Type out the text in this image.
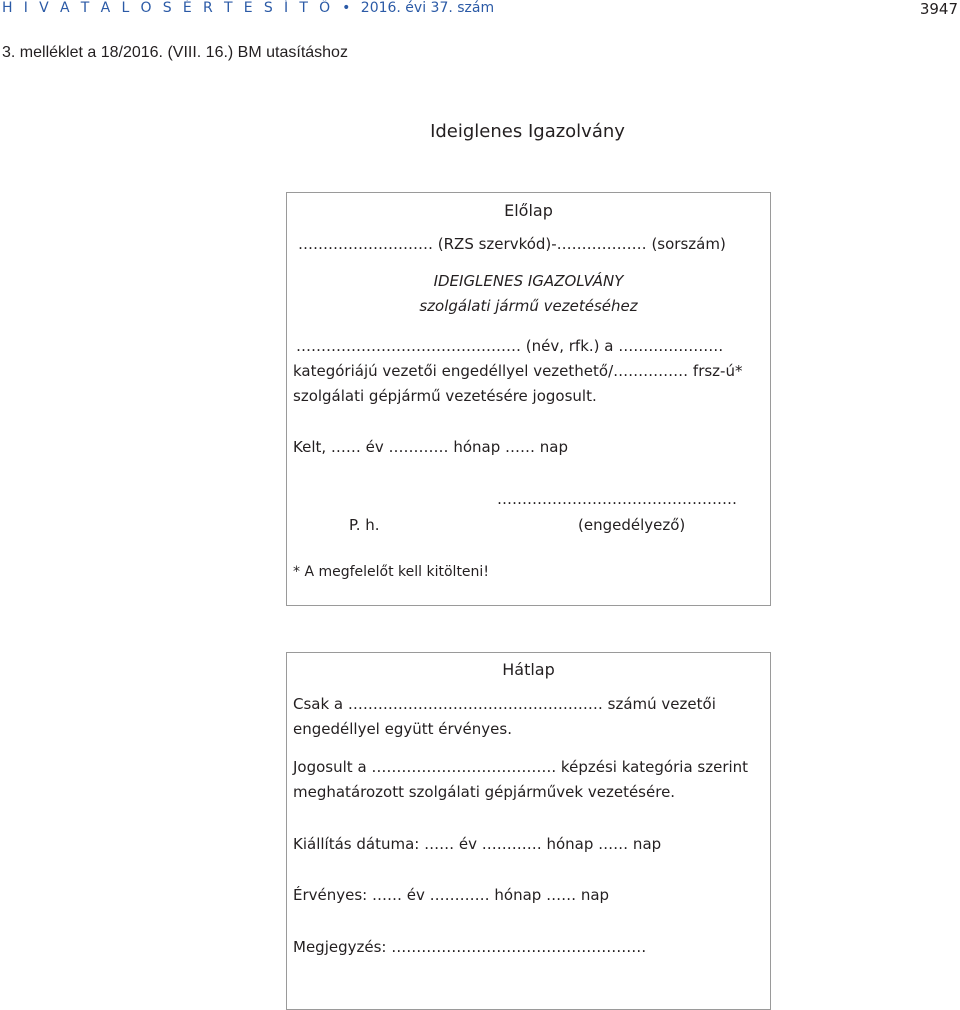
H I V A T A L O S É R T E S Í T Ő • 2016. évi 37. szám	3947
3. melléklet a 18/2016. (VIII. 16.) BM utasításhoz
Ideiglenes Igazolvány
Előlap
……………………… (RZS szervkód)-……………… (sorszám)
IDEIGLENES IGAZOLVÁNY
szolgálati jármű vezetéséhez
……………………………………… (név, rfk.) a …………………
kategóriájú vezetői engedéllyel vezethető/…………… frsz-ú*
szolgálati gépjármű vezetésére jogosult.
Kelt, …… év ………… hónap …… nap
…………………………………………
P. h.	(engedélyező)
* A megfelelőt kell kitölteni!
Hátlap
Csak a …………………………………………… számú vezetői
engedéllyel együtt érvényes.
Jogosult a ………………………………. képzési kategória szerint
meghatározott szolgálati gépjárművek vezetésére.
Kiállítás dátuma: …… év ………… hónap …… nap
Érvényes: …… év ………… hónap …… nap
Megjegyzés: ……………………………………………
